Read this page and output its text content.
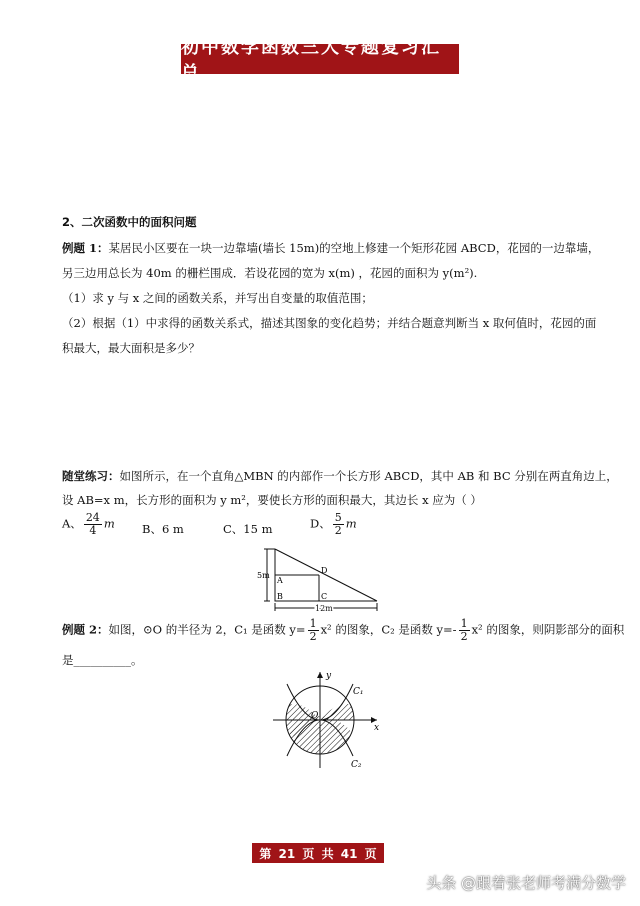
初中数学函数三大专题复习汇总
2、二次函数中的面积问题
例题 1：某居民小区要在一块一边靠墙(墙长 15m)的空地上修建一个矩形花园 ABCD，花园的一边靠墙，
另三边用总长为 40m 的栅栏围成．若设花园的宽为 x(m) ，花园的面积为 y(m²).
（1）求 y 与 x 之间的函数关系，并写出自变量的取值范围；
（2）根据（1）中求得的函数关系式，描述其图象的变化趋势；并结合题意判断当 x 取何值时，花园的面
积最大，最大面积是多少？
随堂练习：如图所示，在一个直角△MBN 的内部作一个长方形 ABCD，其中 AB 和 BC 分别在两直角边上，
设 AB=x m，长方形的面积为 y m²，要使长方形的面积最大，其边长 x 应为（ ）
A、 $\frac{24}{4}$ m B、6 m	C、15 m	D、 $\frac{5}{2}$ m
5m
12m
A
B	C
D
例题 2：如图，⊙O 的半径为 2，C₁ 是函数 $y= \frac{1}{2} x^2$ 的图象，C₂ 是函数 $y=- \frac{1}{2} x^2$ 的图象，则阴影部分的面积
是__________。
y
x
O
C₁
C₂
第 21 页 共 41 页
头条 @跟着张老师考满分数学
